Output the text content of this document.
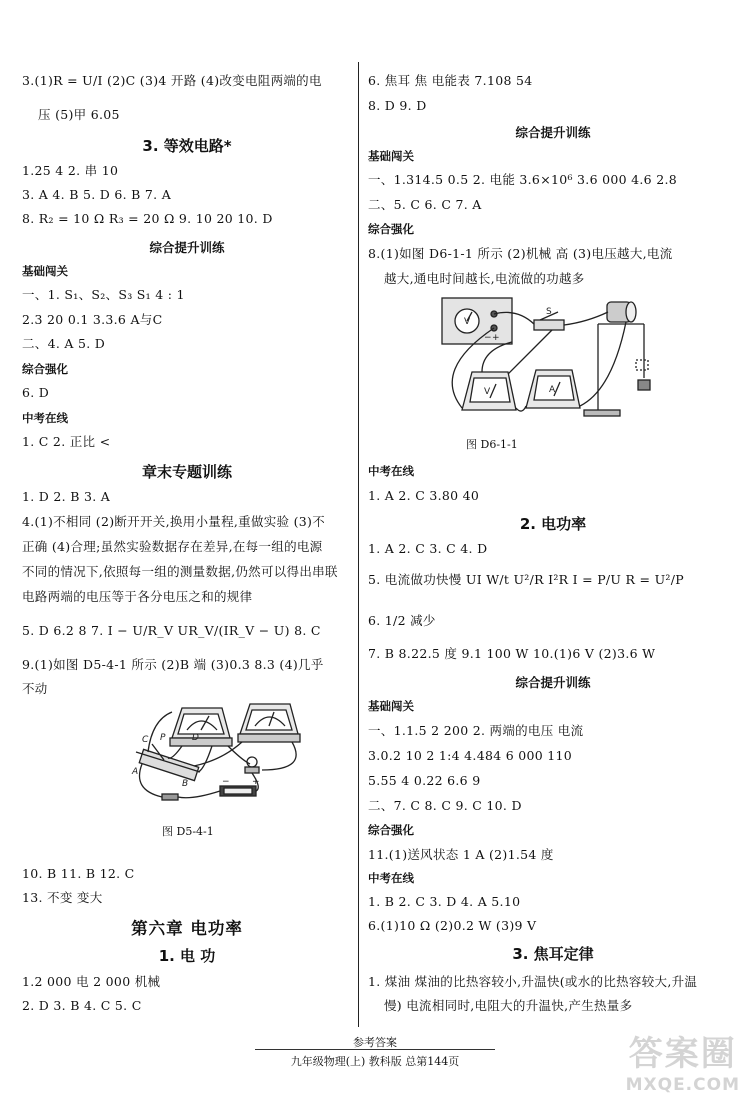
3.(1)R = U/I (2)C (3)4 开路 (4)改变电阻两端的电
压 (5)甲 6.05
3. 等效电路*
1.25 4 2. 串 10
3. A 4. B 5. D 6. B 7. A
8. R₂ = 10 Ω R₃ = 20 Ω 9. 10 20 10. D
综合提升训练
基础闯关
一、1. S₁、S₂、S₃ S₁ 4 : 1
2.3 20 0.1 3.3.6 A与C
二、4. A 5. D
综合强化
6. D
中考在线
1. C 2. 正比 <
章末专题训练
1. D 2. B 3. A
4.(1)不相同 (2)断开开关,换用小量程,重做实验 (3)不
正确 (4)合理;虽然实验数据存在差异,在每一组的电源
不同的情况下,依照每一组的测量数据,仍然可以得出串联
电路两端的电压等于各分电压之和的规律
5. D 6.2 8 7. I − U/R_V UR_V/(IR_V − U) 8. C
9.(1)如图 D5-4-1 所示 (2)B 端 (3)0.3 8.3 (4)几乎
不动
C P	D
A
B	− +
图 D5-4-1
10. B 11. B 12. C
13. 不变 变大
第六章 电功率
1. 电 功
1.2 000 电 2 000 机械
2. D 3. B 4. C 5. C
6. 焦耳 焦 电能表 7.108 54
8. D 9. D
综合提升训练
基础闯关
一、1.314.5 0.5 2. 电能 3.6×10⁶ 3.6 000 4.6 2.8
二、5. C 6. C 7. A
综合强化
8.(1)如图 D6-1-1 所示 (2)机械 高 (3)电压越大,电流
越大,通电时间越长,电流做的功越多
V
S
V	A
+
−
图 D6-1-1
中考在线
1. A 2. C 3.80 40
2. 电功率
1. A 2. C 3. C 4. D
5. 电流做功快慢 UI W/t U²/R I²R I = P/U R = U²/P
6. 1/2 减少
7. B 8.22.5 度 9.1 100 W 10.(1)6 V (2)3.6 W
综合提升训练
基础闯关
一、1.1.5 2 200 2. 两端的电压 电流
3.0.2 10 2 1:4 4.484 6 000 110
5.55 4 0.22 6.6 9
二、7. C 8. C 9. C 10. D
综合强化
11.(1)送风状态 1 A (2)1.54 度
中考在线
1. B 2. C 3. D 4. A 5.10
6.(1)10 Ω (2)0.2 W (3)9 V
3. 焦耳定律
1. 煤油 煤油的比热容较小,升温快(或水的比热容较大,升温
慢) 电流相同时,电阻大的升温快,产生热量多
参考答案
九年级物理(上) 教科版 总第144页	答案圈
MXQE.COM
